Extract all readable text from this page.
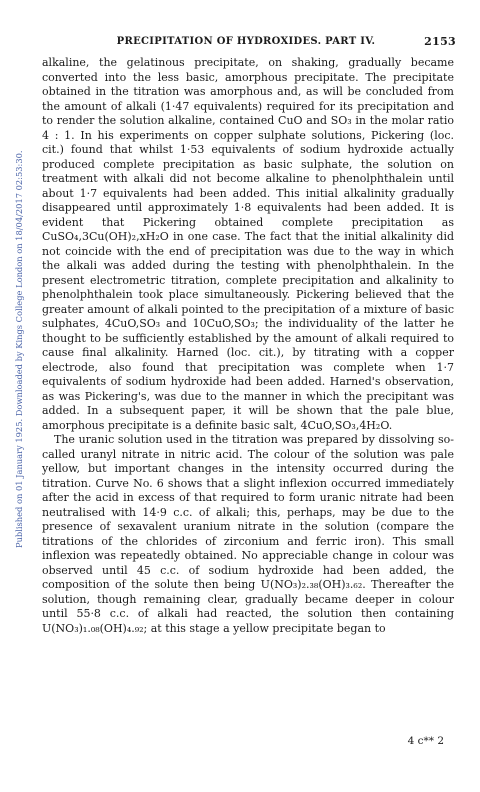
PRECIPITATION OF HYDROXIDES. PART IV.	2153
Published on 01 January 1925. Downloaded by Kings College London on 18/04/2017 02:53:30.

alkaline, the gelatinous precipitate, on shaking, gradually became converted into the less basic, amorphous precipitate. The precipitate obtained in the titration was amorphous and, as will be concluded from the amount of alkali (1·47 equivalents) required for its precipitation and to render the solution alkaline, contained CuO and SO₃ in the molar ratio 4 : 1. In his experiments on copper sulphate solutions, Pickering (loc. cit.) found that whilst 1·53 equivalents of sodium hydroxide actually produced complete precipitation as basic sulphate, the solution on treatment with alkali did not become alkaline to phenolphthalein until about 1·7 equivalents had been added. This initial alkalinity gradually disappeared until approximately 1·8 equivalents had been added. It is evident that Pickering obtained complete precipitation as CuSO₄,3Cu(OH)₂,xH₂O in one case. The fact that the initial alkalinity did not coincide with the end of precipitation was due to the way in which the alkali was added during the testing with phenolphthalein. In the present electrometric titration, complete precipitation and alkalinity to phenolphthalein took place simultaneously. Pickering believed that the greater amount of alkali pointed to the precipitation of a mixture of basic sulphates, 4CuO,SO₃ and 10CuO,SO₃; the individuality of the latter he thought to be sufficiently established by the amount of alkali required to cause final alkalinity. Harned (loc. cit.), by titrating with a copper electrode, also found that precipitation was complete when 1·7 equivalents of sodium hydroxide had been added. Harned's observation, as was Pickering's, was due to the manner in which the precipitant was added. In a subsequent paper, it will be shown that the pale blue, amorphous precipitate is a definite basic salt, 4CuO,SO₃,4H₂O.

The uranic solution used in the titration was prepared by dissolving so-called uranyl nitrate in nitric acid. The colour of the solution was pale yellow, but important changes in the intensity occurred during the titration. Curve No. 6 shows that a slight inflexion occurred immediately after the acid in excess of that required to form uranic nitrate had been neutralised with 14·9 c.c. of alkali; this, perhaps, may be due to the presence of sexavalent uranium nitrate in the solution (compare the titrations of the chlorides of zirconium and ferric iron). This small inflexion was repeatedly obtained. No appreciable change in colour was observed until 45 c.c. of sodium hydroxide had been added, the composition of the solute then being U(NO₃)₂.₃₈(OH)₃.₆₂. Thereafter the solution, though remaining clear, gradually became deeper in colour until 55·8 c.c. of alkali had reacted, the solution then containing U(NO₃)₁.₀₈(OH)₄.₉₂; at this stage a yellow precipitate began to

4 c** 2
